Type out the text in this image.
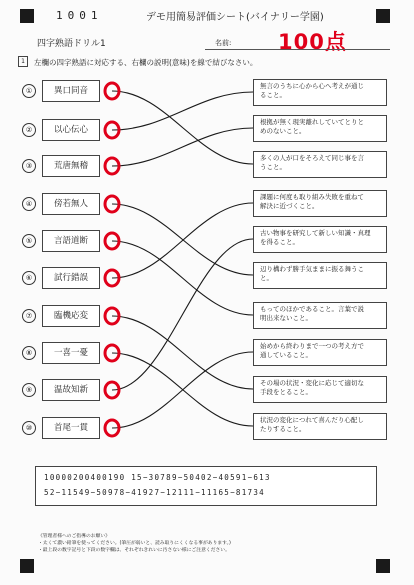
1001	デモ用簡易評価シート(バイナリー学園)
四字熟語ドリル1	名前: 100点
1	左欄の四字熟語に対応する、右欄の説明(意味)を線で結びなさい。
①	異口同音
②	以心伝心
③	荒唐無稽
④	傍若無人
⑤	言語道断
⑥	試行錯誤
⑦	臨機応変
⑧	一喜一憂
⑨	温故知新
⑩	首尾一貫
無言のうちに心から心へ考えが通じ
ること。
根拠が無く現実離れしていてとりと
めのないこと。
多くの人が口をそろえて同じ事を言
うこと。
課題に何度も取り組み失敗を重ねて
解決に近づくこと。
古い物事を研究して新しい知識・真理
を得ること。
辺り構わず勝手気ままに振る舞うこ
と。
もってのほかであること。言葉で説
明出来ないこと。
始めから終わりまで一つの考え方で
通していること。
その場の状況・変化に応じて適切な
手段をとること。
状況の変化につれて喜んだり心配し
たりすること。
10000200400190 15−30789−50402−40591−613
52−11549−50978−41927−12111−11165−81734
《管理者様へのご指導のお願い》
・太くて濃い鉛筆を使ってください。(筆圧が弱いと、読み取りにくくなる事があります。)
・最上段の数字記号と下段の数字欄は、それぞれきれいに汚さない様にご注意ください。
